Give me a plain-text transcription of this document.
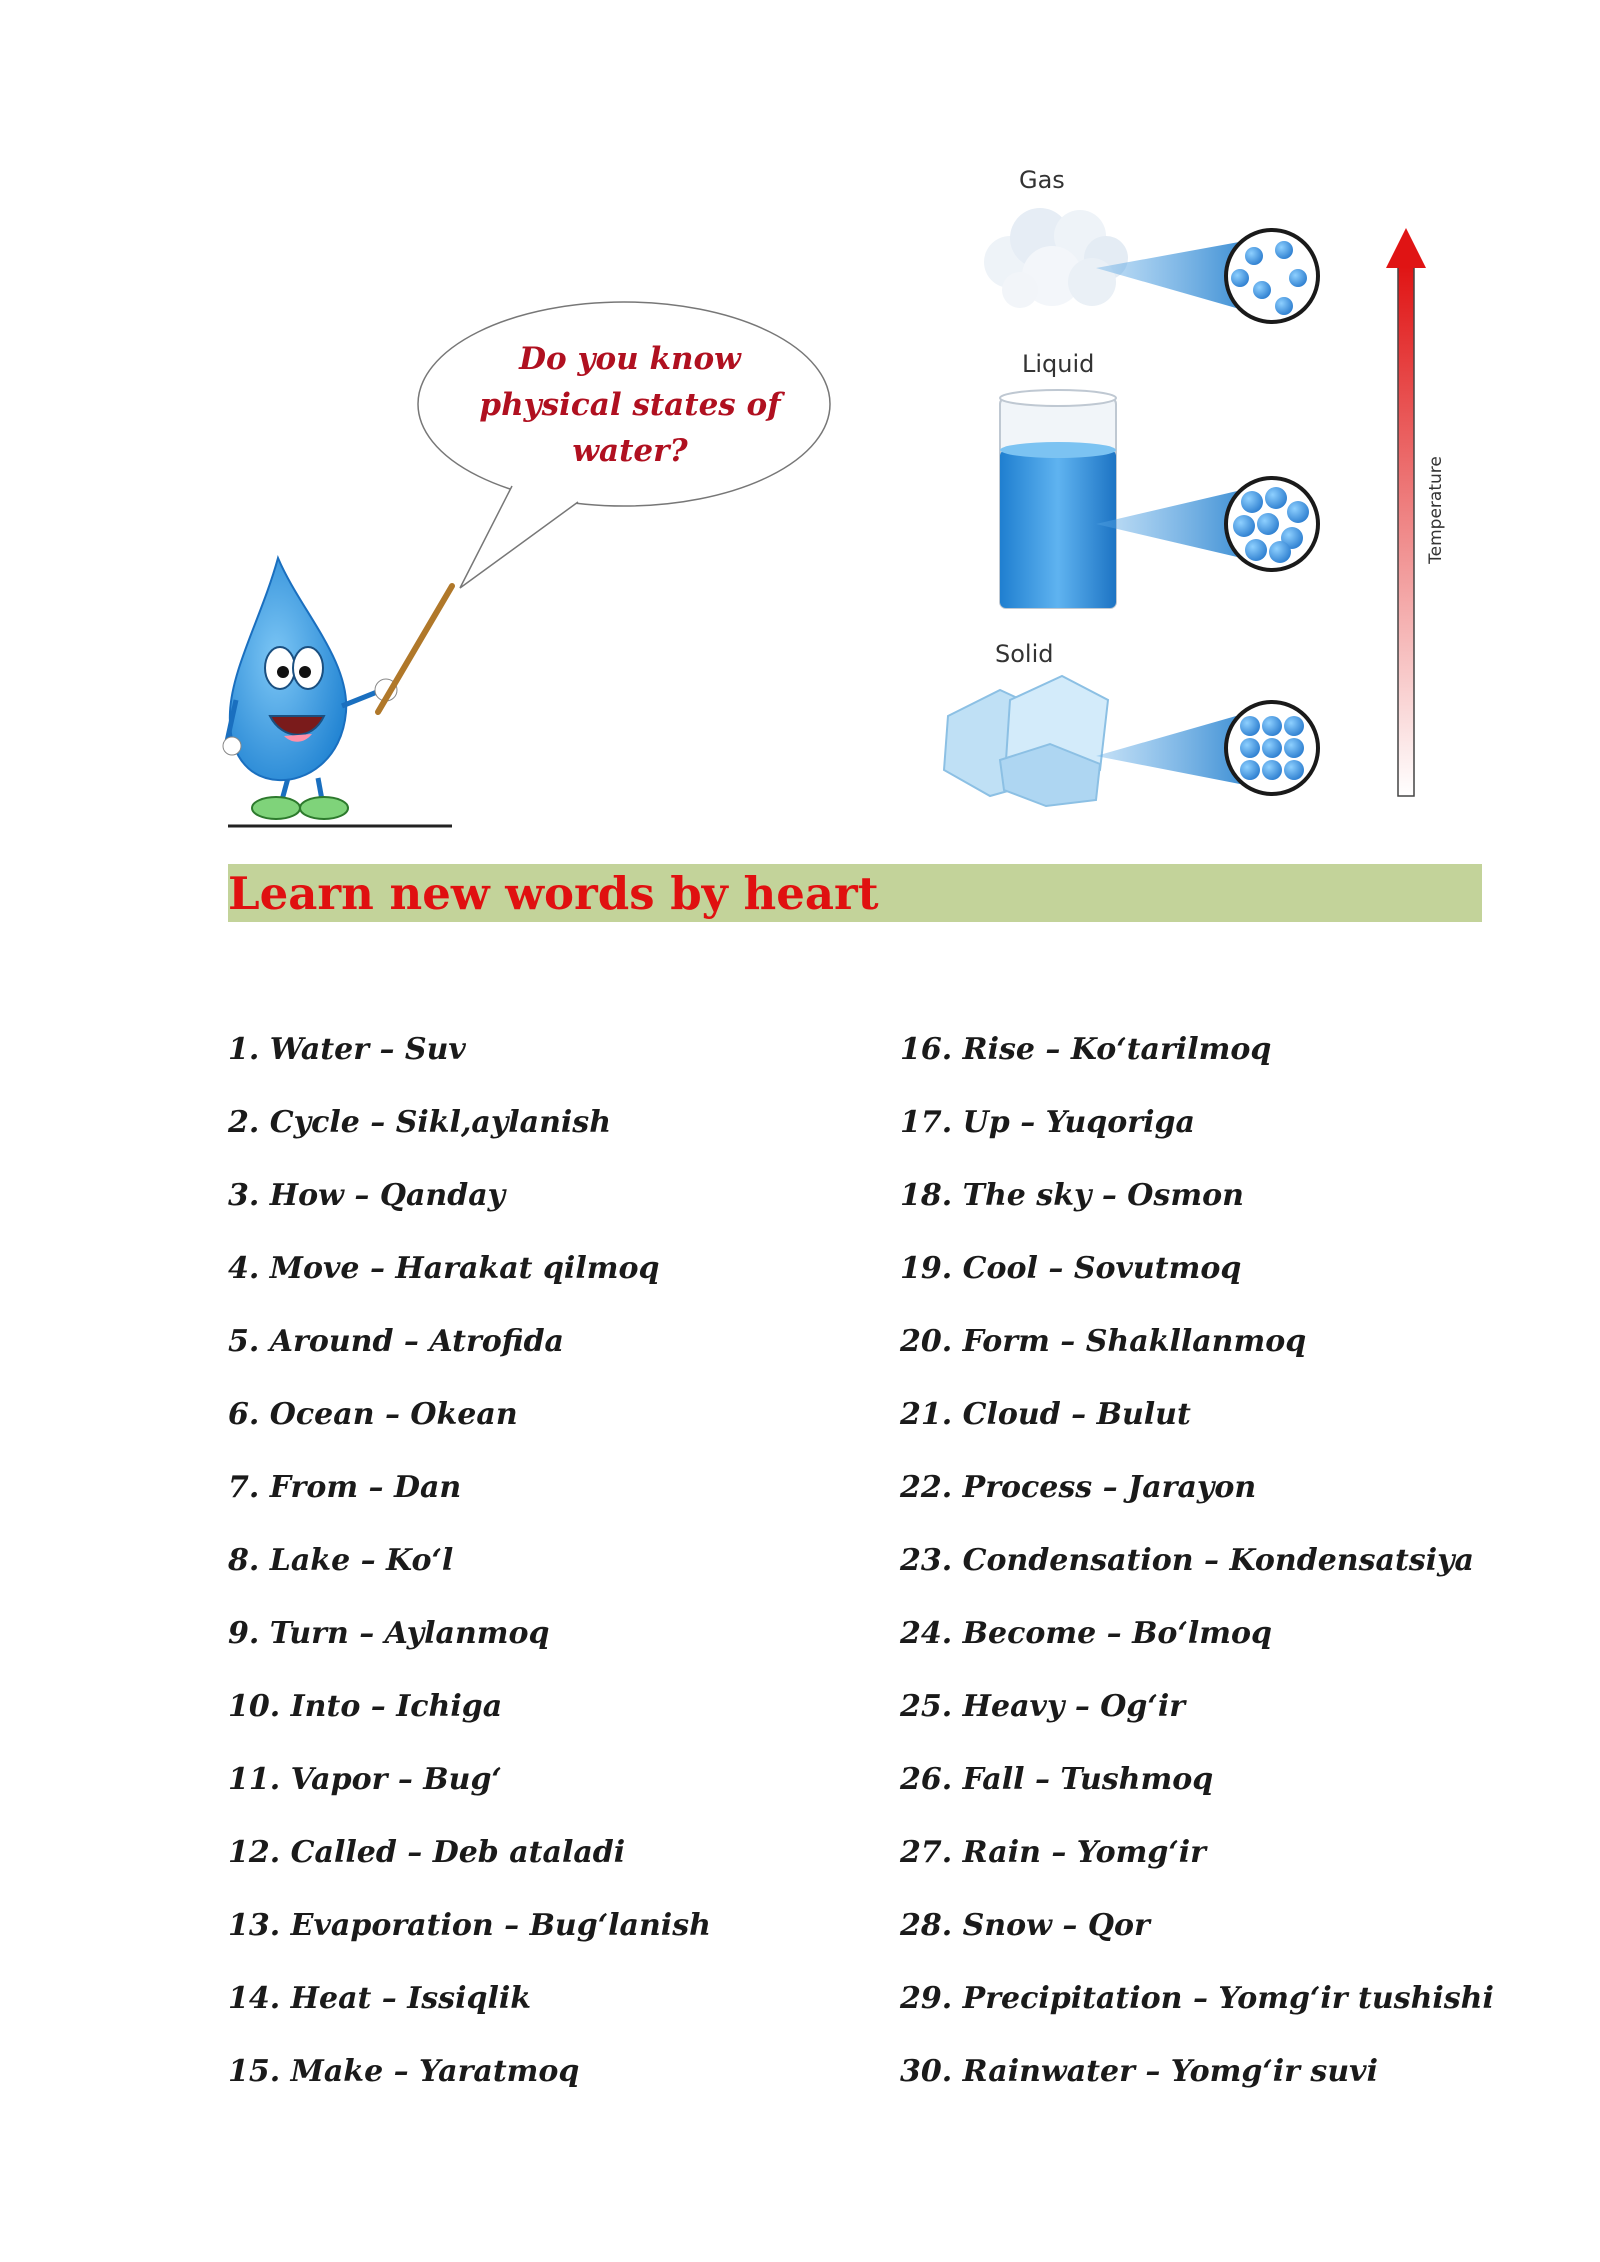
Do you know
physical states of
water?
Gas
Liquid
Solid
Temperature
Learn new words by heart
1. Water – Suv
2. Cycle – Sikl,aylanish
3. How – Qanday
4. Move – Harakat qilmoq
5. Around – Atrofida
6. Ocean – Okean
7. From – Dan
8. Lake – Ko‘l
9. Turn – Aylanmoq
10. Into – Ichiga
11. Vapor – Bug‘
12. Called – Deb ataladi
13. Evaporation – Bug‘lanish
14. Heat – Issiqlik
15. Make – Yaratmoq
16. Rise – Ko‘tarilmoq
17. Up – Yuqoriga
18. The sky – Osmon
19. Cool – Sovutmoq
20. Form – Shakllanmoq
21. Cloud – Bulut
22. Process – Jarayon
23. Condensation – Kondensatsiya
24. Become – Bo‘lmoq
25. Heavy – Og‘ir
26. Fall – Tushmoq
27. Rain – Yomg‘ir
28. Snow – Qor
29. Precipitation – Yomg‘ir tushishi
30. Rainwater – Yomg‘ir suvi
